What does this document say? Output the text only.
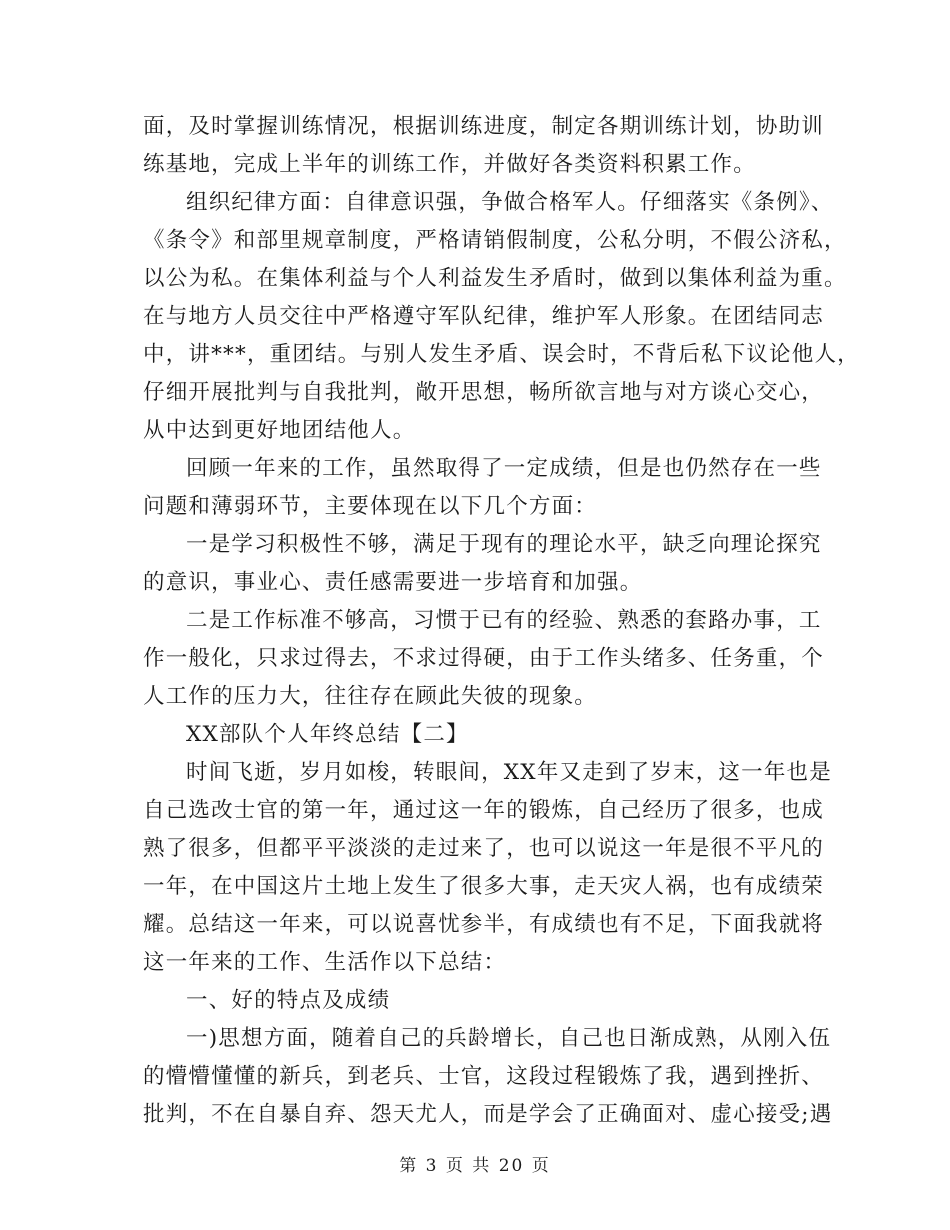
面，及时掌握训练情况，根据训练进度，制定各期训练计划，协助训
练基地，完成上半年的训练工作，并做好各类资料积累工作。
组织纪律方面：自律意识强，争做合格军人。仔细落实《条例》、
《条令》和部里规章制度，严格请销假制度，公私分明，不假公济私，
以公为私。在集体利益与个人利益发生矛盾时，做到以集体利益为重。
在与地方人员交往中严格遵守军队纪律，维护军人形象。在团结同志
中，讲***，重团结。与别人发生矛盾、误会时，不背后私下议论他人，
仔细开展批判与自我批判，敞开思想，畅所欲言地与对方谈心交心，
从中达到更好地团结他人。
回顾一年来的工作，虽然取得了一定成绩，但是也仍然存在一些
问题和薄弱环节，主要体现在以下几个方面：
一是学习积极性不够，满足于现有的理论水平，缺乏向理论探究
的意识，事业心、责任感需要进一步培育和加强。
二是工作标准不够高，习惯于已有的经验、熟悉的套路办事，工
作一般化，只求过得去，不求过得硬，由于工作头绪多、任务重，个
人工作的压力大，往往存在顾此失彼的现象。
XX部队个人年终总结【二】
时间飞逝，岁月如梭，转眼间，XX年又走到了岁末，这一年也是
自己选改士官的第一年，通过这一年的锻炼，自己经历了很多，也成
熟了很多，但都平平淡淡的走过来了，也可以说这一年是很不平凡的
一年，在中国这片土地上发生了很多大事，走天灾人祸，也有成绩荣
耀。总结这一年来，可以说喜忧参半，有成绩也有不足，下面我就将
这一年来的工作、生活作以下总结：
一、好的特点及成绩
一)思想方面，随着自己的兵龄增长，自己也日渐成熟，从刚入伍
的懵懵懂懂的新兵，到老兵、士官，这段过程锻炼了我，遇到挫折、
批判，不在自暴自弃、怨天尤人，而是学会了正确面对、虚心接受;遇
第 3 页 共 20 页
